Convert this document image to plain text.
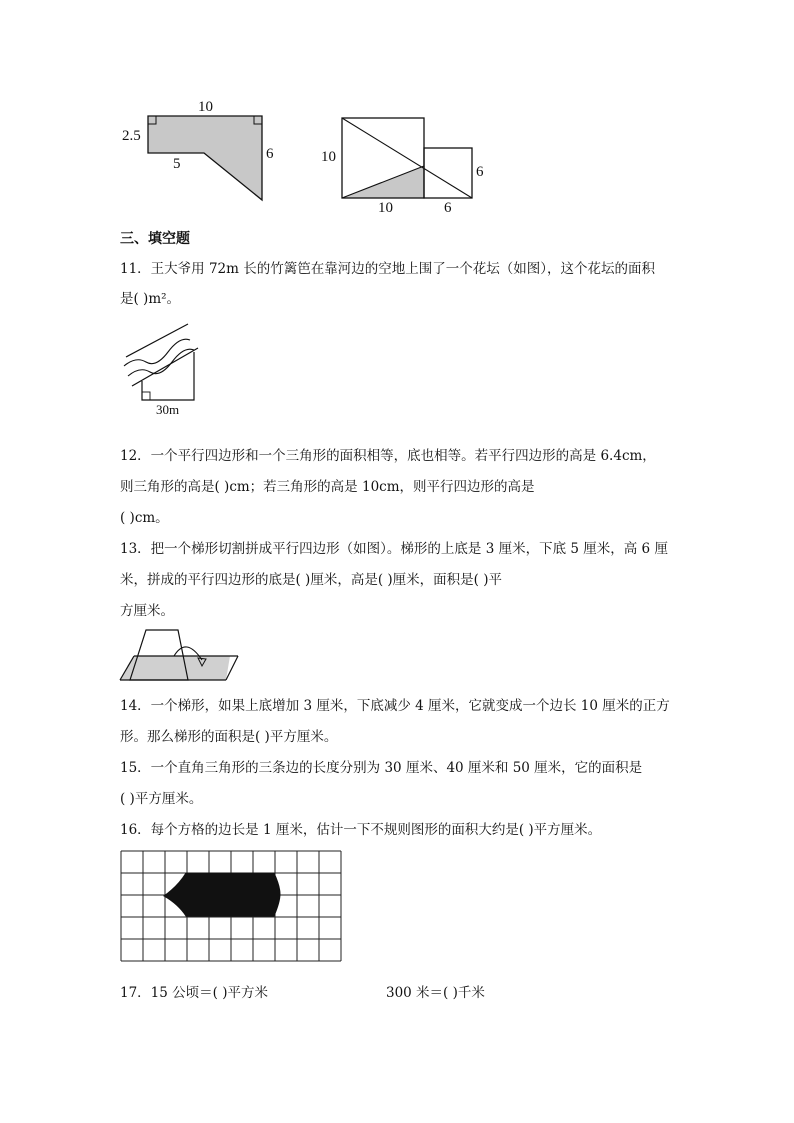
10
2.5
5
6	10
10	6
6
三、填空题
11．王大爷用 72m 长的竹篱笆在靠河边的空地上围了一个花坛（如图），这个花坛的面积
是( )m²。
30m
12．一个平行四边形和一个三角形的面积相等，底也相等。若平行四边形的高是 6.4cm，
则三角形的高是( )cm；若三角形的高是 10cm，则平行四边形的高是
( )cm。
13．把一个梯形切割拼成平行四边形（如图）。梯形的上底是 3 厘米，下底 5 厘米，高 6 厘
米，拼成的平行四边形的底是( )厘米，高是( )厘米，面积是( )平
方厘米。
14．一个梯形，如果上底增加 3 厘米，下底减少 4 厘米，它就变成一个边长 10 厘米的正方
形。那么梯形的面积是( )平方厘米。
15．一个直角三角形的三条边的长度分别为 30 厘米、40 厘米和 50 厘米，它的面积是
( )平方厘米。
16．每个方格的边长是 1 厘米，估计一下不规则图形的面积大约是( )平方厘米。
17．15 公顷＝( )平方米	300 米＝( )千米
